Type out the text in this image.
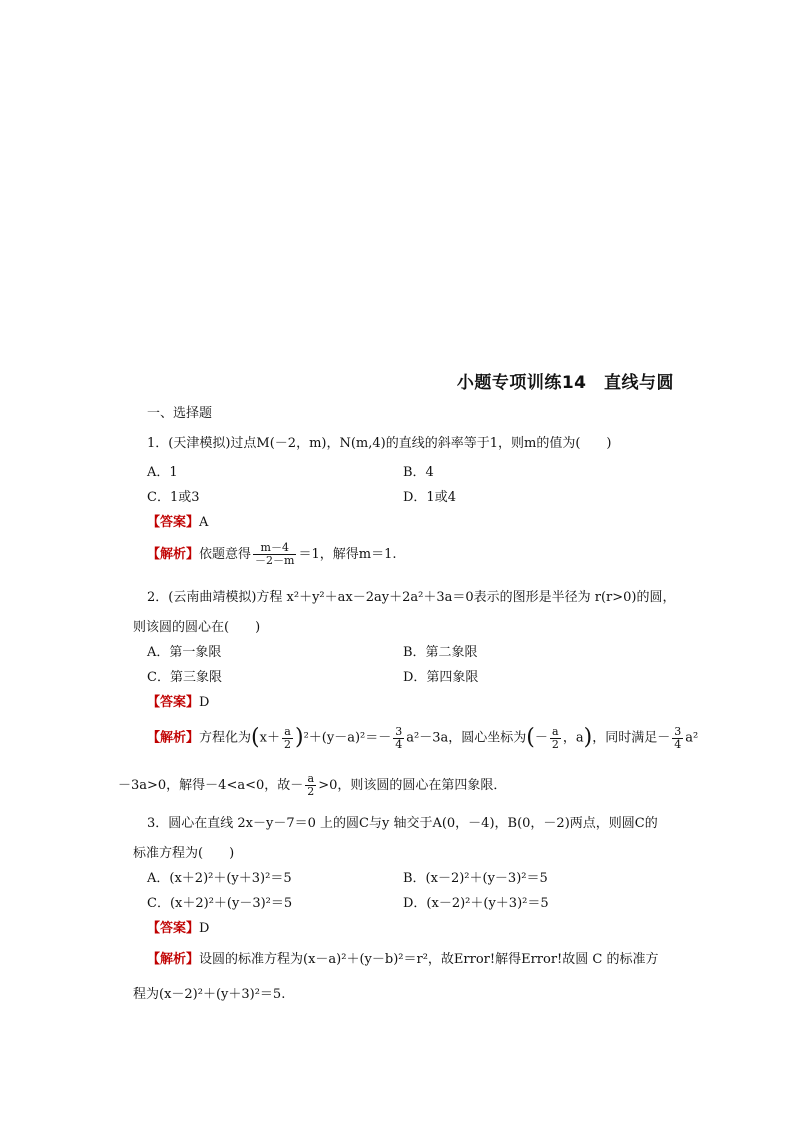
小题专项训练14　直线与圆
一、选择题
1．(天津模拟)过点M(－2，m)，N(m,4)的直线的斜率等于1，则m的值为(　　)
A．1	B．4
C．1或3	D．1或4
【答案】A
【解析】依题意得 $\frac{m-4}{-2-m} =1$，解得m＝1.
2．(云南曲靖模拟)方程 x²＋y²＋ax－2ay＋2a²＋3a＝0表示的图形是半径为 r(r>0)的圆，
则该圆的圆心在(　　)
A．第一象限	B．第二象限
C．第三象限	D．第四象限
【答案】D
【解析】方程化为$(x+ \frac{a}{2} )^2+(y-a)^2=- \frac{3}{4} a^2-3a$，圆心坐标为(－ $\frac{a}{2}$ ，a)，同时满足－ $\frac{3}{4} a^2$
－3a>0，解得－4<a<0，故－ $\frac{a}{2} >0$，则该圆的圆心在第四象限．
3．圆心在直线 2x－y－7＝0 上的圆C与y 轴交于A(0，－4)，B(0，－2)两点，则圆C的
标准方程为(　　)
A．(x＋2)²＋(y＋3)²＝5	B．(x－2)²＋(y－3)²＝5
C．(x＋2)²＋(y－3)²＝5	D．(x－2)²＋(y＋3)²＝5
【答案】D
【解析】设圆的标准方程为(x－a)²＋(y－b)²＝r²，故Error!解得Error!故圆 C 的标准方
程为(x－2)²＋(y＋3)²＝5.
